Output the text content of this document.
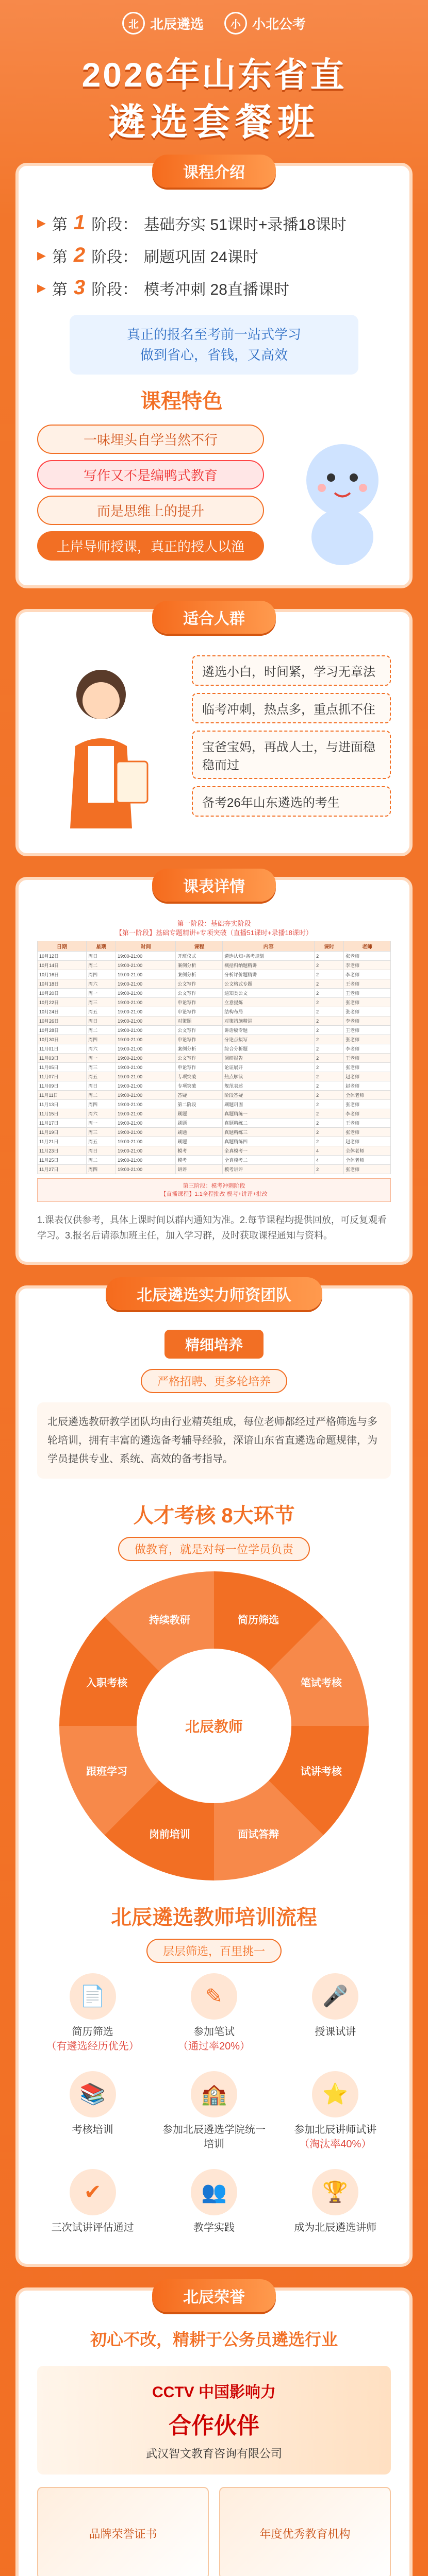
北 北辰遴选	小 小北公考
2026年山东省直
遴选套餐班
课程介绍
▶ 第 1 阶段： 基础夯实 51课时+录播18课时
▶ 第 2 阶段： 刷题巩固 24课时
▶ 第 3 阶段： 模考冲刺 28直播课时
真正的报名至考前一站式学习
做到省心，省钱，又高效
课程特色
一味埋头自学当然不行
写作又不是编鸭式教育
而是思维上的提升
上岸导师授课，真正的授人以渔
适合人群
遴选小白，时间紧，学习无章法
临考冲刺，热点多，重点抓不住
宝爸宝妈，再战人士，与进面稳稳而过
备考26年山东遴选的考生
课表详情
第一阶段：基础夯实阶段
【第一阶段】基础专题精讲+专项突破（直播51课时+录播18课时）
日期	星期	时间	课程	内容	课时	老师
10月12日	周日	19:00-21:00	开班仪式	遴选认知+备考规划	2	张老师
10月14日	周二	19:00-21:00	案例分析	概括归纳题精讲	2	李老师
10月16日	周四	19:00-21:00	案例分析	分析评价题精讲	2	李老师
10月18日	周六	19:00-21:00	公文写作	公文格式专题	2	王老师
10月20日	周一	19:00-21:00	公文写作	通知类公文	2	王老师
10月22日	周三	19:00-21:00	申论写作	立意提炼	2	张老师
10月24日	周五	19:00-21:00	申论写作	结构布局	2	张老师
10月26日	周日	19:00-21:00	对策题	对策措施精讲	2	李老师
10月28日	周二	19:00-21:00	公文写作	讲话稿专题	2	王老师
10月30日	周四	19:00-21:00	申论写作	分论点拟写	2	张老师
11月01日	周六	19:00-21:00	案例分析	综合分析题	2	李老师
11月03日	周一	19:00-21:00	公文写作	调研报告	2	王老师
11月05日	周三	19:00-21:00	申论写作	论证展开	2	张老师
11月07日	周五	19:00-21:00	专项突破	热点解读	2	赵老师
11月09日	周日	19:00-21:00	专项突破	规范表述	2	赵老师
11月11日	周二	19:00-21:00	答疑	阶段答疑	2	全体老师
11月13日	周四	19:00-21:00	第二阶段	刷题巩固	2	张老师
11月15日	周六	19:00-21:00	刷题	真题精练一	2	李老师
11月17日	周一	19:00-21:00	刷题	真题精练二	2	王老师
11月19日	周三	19:00-21:00	刷题	真题精练三	2	张老师
11月21日	周五	19:00-21:00	刷题	真题精练四	2	赵老师
11月23日	周日	19:00-21:00	模考	全真模考一	4	全体老师
11月25日	周二	19:00-21:00	模考	全真模考二	4	全体老师
11月27日	周四	19:00-21:00	讲评	模考讲评	2	张老师
第三阶段：模考冲刺阶段
【直播课程】1:1全程批改 模考+讲评+批改
1.课表仅供参考，具体上课时间以群内通知为准。2.每节课程均提供回放，可反复观看学习。3.报名后请添加班主任，加入学习群，及时获取课程通知与资料。
北辰遴选实力师资团队
精细培养
严格招聘、更多轮培养
北辰遴选教研教学团队均由行业精英组成，每位老师都经过严格筛选与多轮培训，拥有丰富的遴选备考辅导经验，深谙山东省直遴选命题规律，为学员提供专业、系统、高效的备考指导。
人才考核 8大环节
做教育，就是对每一位学员负责
简历筛选
笔试考核
试讲考核
面试答辩
岗前培训
跟班学习
入职考核
持续教研
北辰教师
北辰遴选教师培训流程
层层筛选，百里挑一
📄
简历筛选
（有遴选经历优先）
✎
参加笔试
（通过率20%）
🎤
授课试讲
📚
考核培训
🏫
参加北辰遴选学院统一培训
⭐
参加北辰讲师试讲
（淘汰率40%）
✔
三次试讲评估通过
👥
教学实践
🏆
成为北辰遴选讲师
北辰荣誉
初心不改，精耕于公务员遴选行业
CCTV 中国影响力
合作伙伴
武汉智文教育咨询有限公司
品牌荣誉证书	年度优秀教育机构
